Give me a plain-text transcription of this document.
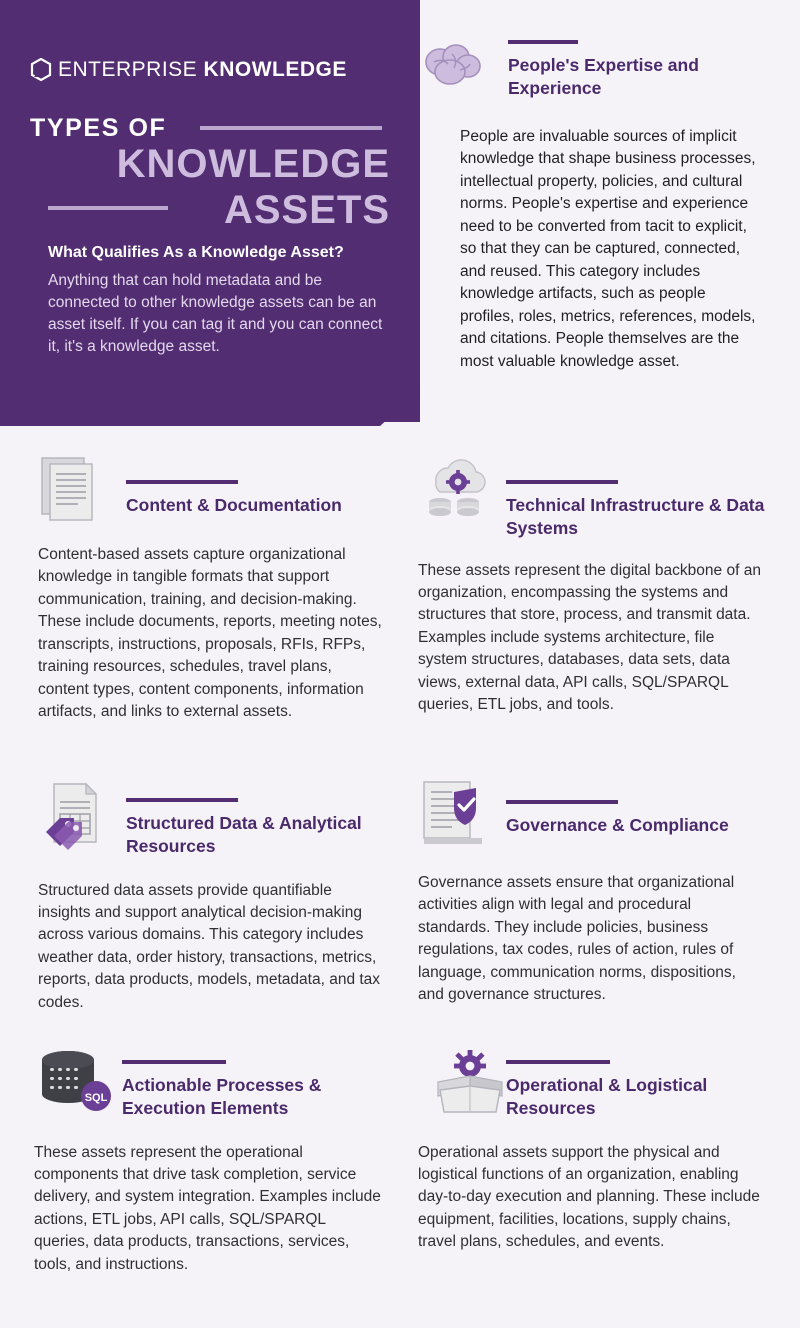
ENTERPRISE KNOWLEDGE
TYPES OF
KNOWLEDGE
ASSETS
What Qualifies As a Knowledge Asset?
Anything that can hold metadata and be connected to other knowledge assets can be an asset itself. If you can tag it and you can connect it, it's a knowledge asset.
People's Expertise and Experience

People are invaluable sources of implicit knowledge that shape business processes, intellectual property, policies, and cultural norms. People's expertise and experience need to be converted from tacit to explicit, so that they can be captured, connected, and reused. This category includes knowledge artifacts, such as people profiles, roles, metrics, references, models, and citations. People themselves are the most valuable knowledge asset.

Content & Documentation

Content-based assets capture organizational knowledge in tangible formats that support communication, training, and decision-making. These include documents, reports, meeting notes, transcripts, instructions, proposals, RFIs, RFPs, training resources, schedules, travel plans, content types, content components, information artifacts, and links to external assets.

Technical Infrastructure & Data Systems

These assets represent the digital backbone of an organization, encompassing the systems and structures that store, process, and transmit data. Examples include systems architecture, file system structures, databases, data sets, data views, external data, API calls, SQL/SPARQL queries, ETL jobs, and tools.

Structured Data & Analytical Resources

Structured data assets provide quantifiable insights and support analytical decision-making across various domains. This category includes weather data, order history, transactions, metrics, reports, data products, models, metadata, and tax codes.

Governance & Compliance

Governance assets ensure that organizational activities align with legal and procedural standards. They include policies, business regulations, tax codes, rules of action, rules of language, communication norms, dispositions, and governance structures.

SQL
Actionable Processes & Execution Elements

These assets represent the operational components that drive task completion, service delivery, and system integration. Examples include actions, ETL jobs, API calls, SQL/SPARQL queries, data products, transactions, services, tools, and instructions.

Operational & Logistical Resources

Operational assets support the physical and logistical functions of an organization, enabling day-to-day execution and planning. These include equipment, facilities, locations, supply chains, travel plans, schedules, and events.
